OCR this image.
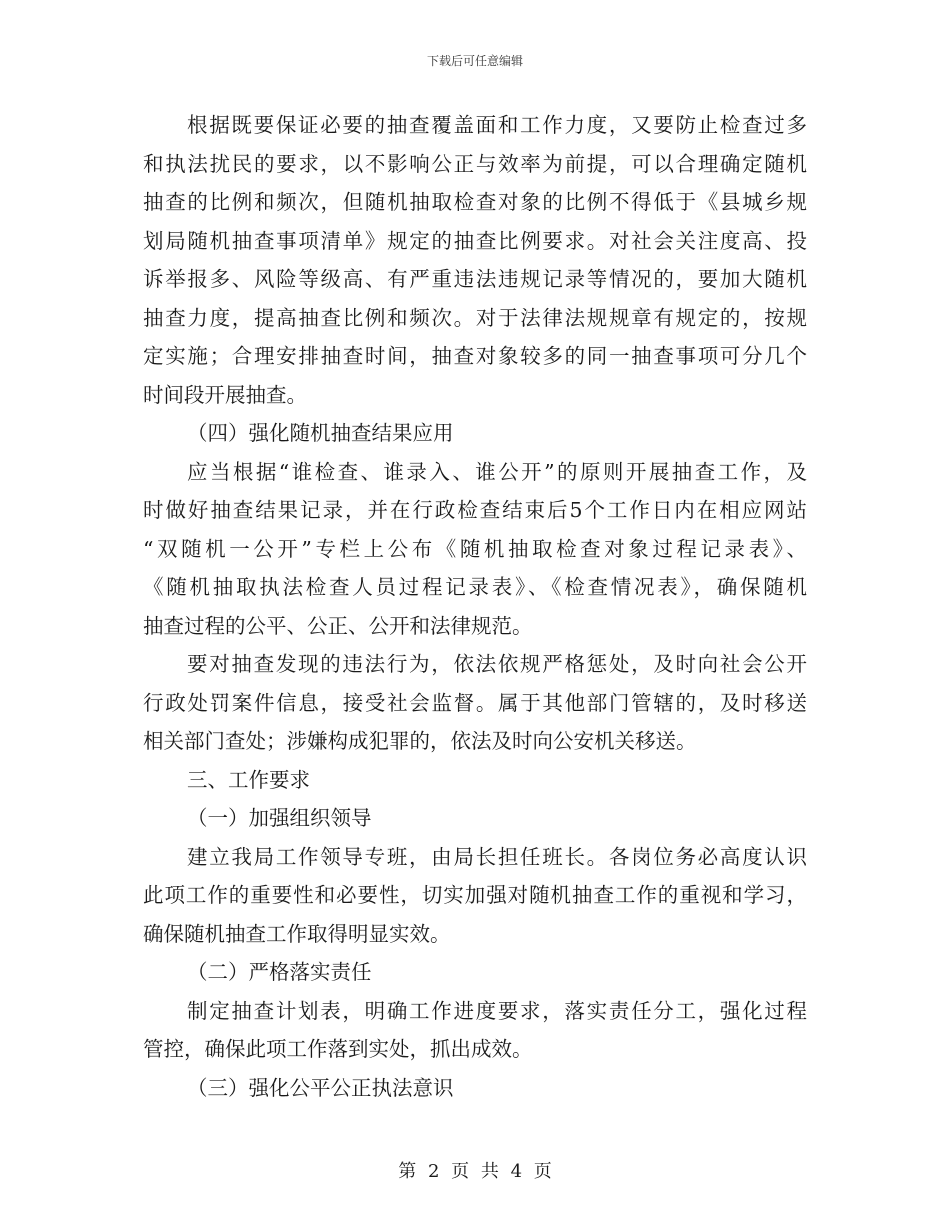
下载后可任意编辑
根据既要保证必要的抽查覆盖面和工作力度，又要防止检查过多
和执法扰民的要求，以不影响公正与效率为前提，可以合理确定随机
抽查的比例和频次，但随机抽取检查对象的比例不得低于《县城乡规
划局随机抽查事项清单》规定的抽查比例要求。对社会关注度高、投
诉举报多、风险等级高、有严重违法违规记录等情况的，要加大随机
抽查力度，提高抽查比例和频次。对于法律法规规章有规定的，按规
定实施；合理安排抽查时间，抽查对象较多的同一抽查事项可分几个
时间段开展抽查。
（四）强化随机抽查结果应用
应当根据“谁检查、谁录入、谁公开”的原则开展抽查工作，及
时做好抽查结果记录，并在行政检查结束后5个工作日内在相应网站
“双随机一公开”专栏上公布《随机抽取检查对象过程记录表》、
《随机抽取执法检查人员过程记录表》、《检查情况表》，确保随机
抽查过程的公平、公正、公开和法律规范。
要对抽查发现的违法行为，依法依规严格惩处，及时向社会公开
行政处罚案件信息，接受社会监督。属于其他部门管辖的，及时移送
相关部门查处；涉嫌构成犯罪的，依法及时向公安机关移送。
三、工作要求
（一）加强组织领导
建立我局工作领导专班，由局长担任班长。各岗位务必高度认识
此项工作的重要性和必要性，切实加强对随机抽查工作的重视和学习，
确保随机抽查工作取得明显实效。
（二）严格落实责任
制定抽查计划表，明确工作进度要求，落实责任分工，强化过程
管控，确保此项工作落到实处，抓出成效。
（三）强化公平公正执法意识
第 2 页 共 4 页
